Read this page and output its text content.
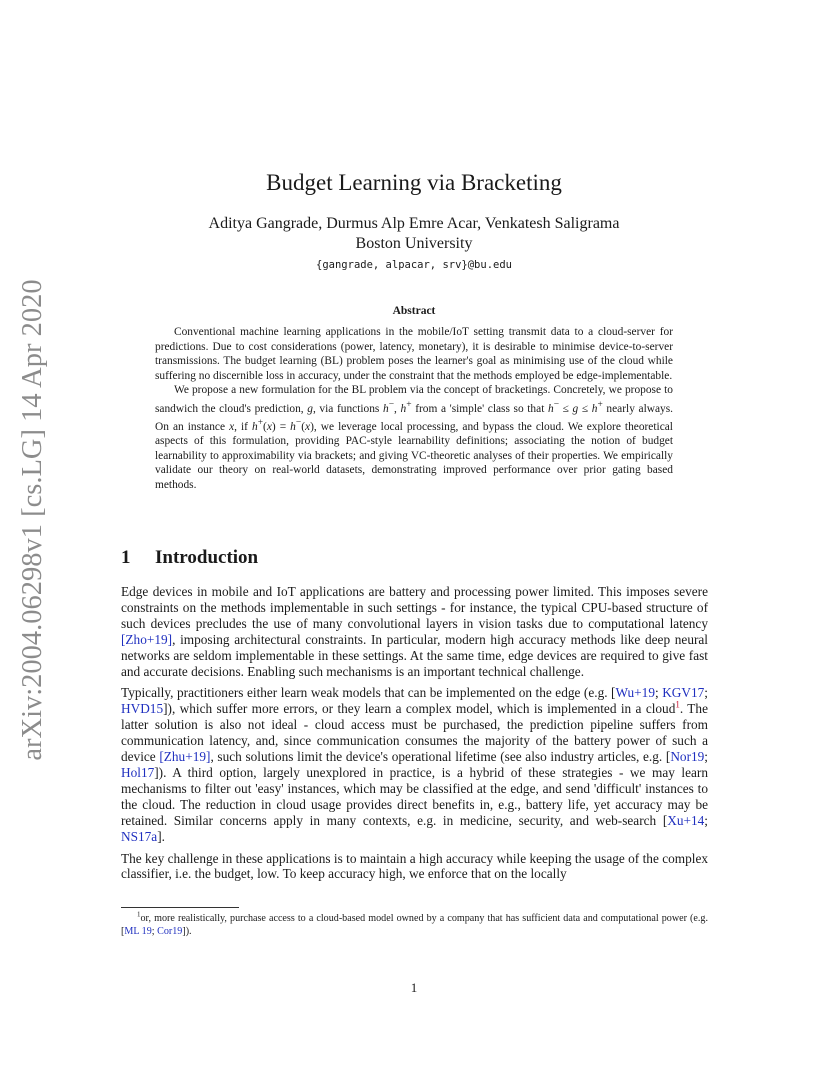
arXiv:2004.06298v1 [cs.LG] 14 Apr 2020
Budget Learning via Bracketing
Aditya Gangrade, Durmus Alp Emre Acar, Venkatesh Saligrama
Boston University
{gangrade, alpacar, srv}@bu.edu
Abstract

Conventional machine learning applications in the mobile/IoT setting transmit data to a cloud-server for predictions. Due to cost considerations (power, latency, monetary), it is desirable to minimise device-to-server transmissions. The budget learning (BL) problem poses the learner's goal as minimising use of the cloud while suffering no discernible loss in accuracy, under the constraint that the methods employed be edge-implementable.

We propose a new formulation for the BL problem via the concept of bracketings. Concretely, we propose to sandwich the cloud's prediction, g, via functions h−, h+ from a 'simple' class so that h− ≤ g ≤ h+ nearly always. On an instance x, if h+(x) = h−(x), we leverage local processing, and bypass the cloud. We explore theoretical aspects of this formulation, providing PAC-style learnability definitions; associating the notion of budget learnability to approximability via brackets; and giving VC-theoretic analyses of their properties. We empirically validate our theory on real-world datasets, demonstrating improved performance over prior gating based methods.

1 Introduction

Edge devices in mobile and IoT applications are battery and processing power limited. This imposes severe constraints on the methods implementable in such settings - for instance, the typical CPU-based structure of such devices precludes the use of many convolutional layers in vision tasks due to computational latency [Zho+19], imposing architectural constraints. In particular, modern high accuracy methods like deep neural networks are seldom implementable in these settings. At the same time, edge devices are required to give fast and accurate decisions. Enabling such mechanisms is an important technical challenge.

Typically, practitioners either learn weak models that can be implemented on the edge (e.g. [Wu+19; KGV17; HVD15]), which suffer more errors, or they learn a complex model, which is implemented in a cloud$^1$. The latter solution is also not ideal - cloud access must be purchased, the prediction pipeline suffers from communication latency, and, since communication consumes the majority of the battery power of such a device [Zhu+19], such solutions limit the device's operational lifetime (see also industry articles, e.g. [Nor19; Hol17]). A third option, largely unexplored in practice, is a hybrid of these strategies - we may learn mechanisms to filter out 'easy' instances, which may be classified at the edge, and send 'difficult' instances to the cloud. The reduction in cloud usage provides direct benefits in, e.g., battery life, yet accuracy may be retained. Similar concerns apply in many contexts, e.g. in medicine, security, and web-search [Xu+14; NS17a].

The key challenge in these applications is to maintain a high accuracy while keeping the usage of the complex classifier, i.e. the budget, low. To keep accuracy high, we enforce that on the locally

$^1$or, more realistically, purchase access to a cloud-based model owned by a company that has sufficient data and computational power (e.g. [ML 19; Cor19]).
1
